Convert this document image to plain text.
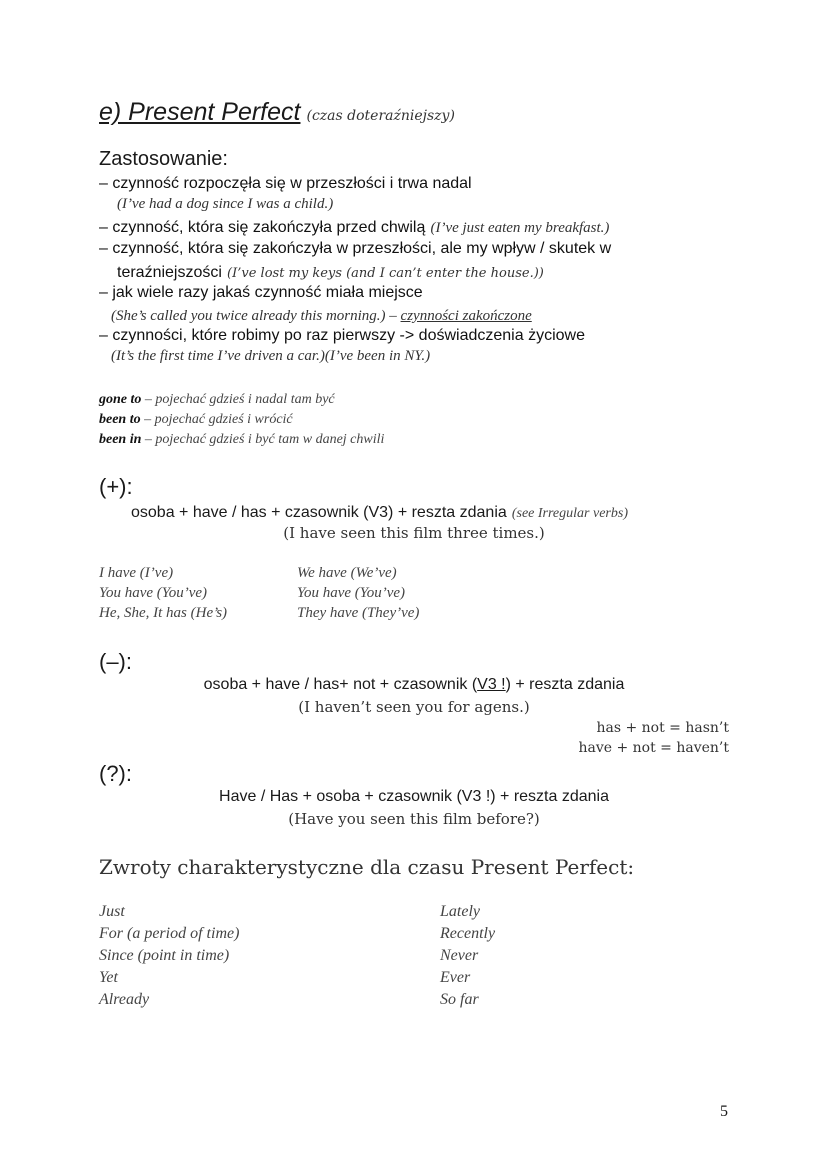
e) Present Perfect (czas doteraźniejszy)
Zastosowanie:
– czynność rozpoczęła się w przeszłości i trwa nadal
(I’ve had a dog since I was a child.)
– czynność, która się zakończyła przed chwilą (I’ve just eaten my breakfast.)
– czynność, która się zakończyła w przeszłości, ale my wpływ / skutek w
teraźniejszości (I’ve lost my keys (and I can’t enter the house.))
– jak wiele razy jakaś czynność miała miejsce
(She’s called you twice already this morning.) – czynności zakończone
– czynności, które robimy po raz pierwszy -> doświadczenia życiowe
(It’s the first time I’ve driven a car.)(I’ve been in NY.)
gone to – pojechać gdzieś i nadal tam być
been to – pojechać gdzieś i wrócić
been in – pojechać gdzieś i być tam w danej chwili
(+):
osoba + have / has + czasownik (V3) + reszta zdania (see Irregular verbs)
(I have seen this film three times.)
I have (I’ve)
You have (You’ve)
He, She, It has (He’s)
We have (We’ve)
You have (You’ve)
They have (They’ve)
(–):
osoba + have / has+ not + czasownik (V3 !) + reszta zdania
(I haven’t seen you for agens.)
has + not = hasn’t
have + not = haven’t
(?):
Have / Has + osoba + czasownik (V3 !) + reszta zdania
(Have you seen this film before?)
Zwroty charakterystyczne dla czasu Present Perfect:
Just
For (a period of time)
Since (point in time)
Yet
Already
Lately
Recently
Never
Ever
So far
5
